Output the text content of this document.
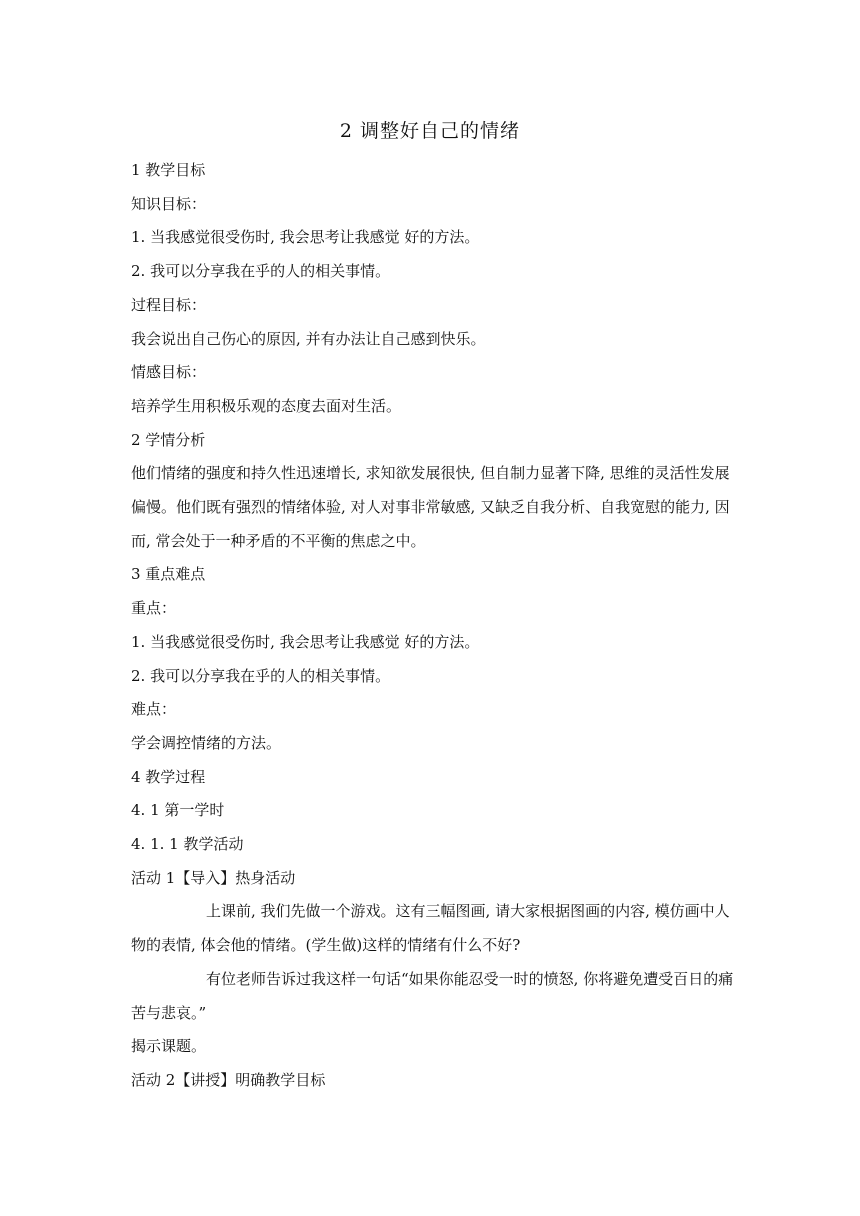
2 调整好自己的情绪

1 教学目标

知识目标：

1. 当我感觉很受伤时, 我会思考让我感觉 好的方法。

2. 我可以分享我在乎的人的相关事情。

过程目标：

我会说出自己伤心的原因, 并有办法让自己感到快乐。

情感目标：

培养学生用积极乐观的态度去面对生活。

2 学情分析

他们情绪的强度和持久性迅速增长, 求知欲发展很快, 但自制力显著下降, 思维的灵活性发展偏慢。他们既有强烈的情绪体验, 对人对事非常敏感, 又缺乏自我分析、自我宽慰的能力, 因而, 常会处于一种矛盾的不平衡的焦虑之中。

3 重点难点

重点：

1. 当我感觉很受伤时, 我会思考让我感觉 好的方法。

2. 我可以分享我在乎的人的相关事情。

难点：

学会调控情绪的方法。

4 教学过程

4. 1 第一学时

4. 1. 1 教学活动

活动 1【导入】热身活动

上课前, 我们先做一个游戏。这有三幅图画, 请大家根据图画的内容, 模仿画中人物的表情, 体会他的情绪。(学生做)这样的情绪有什么不好?

有位老师告诉过我这样一句话“如果你能忍受一时的愤怒, 你将避免遭受百日的痛苦与悲哀。”

揭示课题。

活动 2【讲授】明确教学目标
